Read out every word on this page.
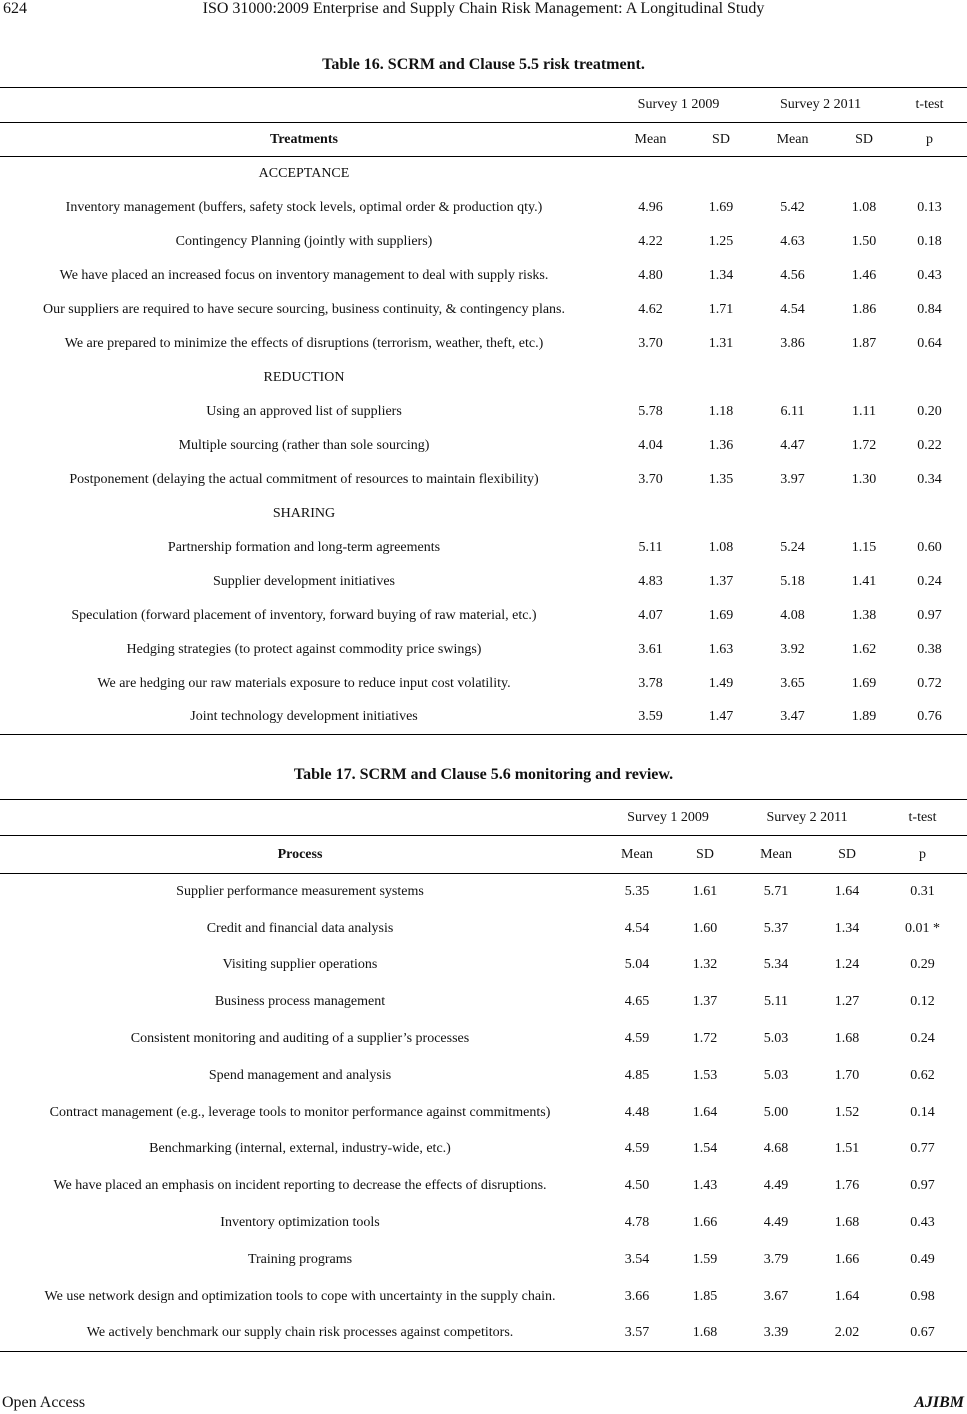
624	ISO 31000:2009 Enterprise and Supply Chain Risk Management: A Longitudinal Study
Table 16. SCRM and Clause 5.5 risk treatment.
	Survey 1 2009		Survey 2 2011		t-test
Treatments	Mean	SD	Mean	SD	p
ACCEPTANCE					
Inventory management (buffers, safety stock levels, optimal order & production qty.)	4.96	1.69	5.42	1.08	0.13
Contingency Planning (jointly with suppliers)	4.22	1.25	4.63	1.50	0.18
We have placed an increased focus on inventory management to deal with supply risks.	4.80	1.34	4.56	1.46	0.43
Our suppliers are required to have secure sourcing, business continuity, & contingency plans.	4.62	1.71	4.54	1.86	0.84
We are prepared to minimize the effects of disruptions (terrorism, weather, theft, etc.)	3.70	1.31	3.86	1.87	0.64
REDUCTION					
Using an approved list of suppliers	5.78	1.18	6.11	1.11	0.20
Multiple sourcing (rather than sole sourcing)	4.04	1.36	4.47	1.72	0.22
Postponement (delaying the actual commitment of resources to maintain flexibility)	3.70	1.35	3.97	1.30	0.34
SHARING					
Partnership formation and long-term agreements	5.11	1.08	5.24	1.15	0.60
Supplier development initiatives	4.83	1.37	5.18	1.41	0.24
Speculation (forward placement of inventory, forward buying of raw material, etc.)	4.07	1.69	4.08	1.38	0.97
Hedging strategies (to protect against commodity price swings)	3.61	1.63	3.92	1.62	0.38
We are hedging our raw materials exposure to reduce input cost volatility.	3.78	1.49	3.65	1.69	0.72
Joint technology development initiatives	3.59	1.47	3.47	1.89	0.76
Table 17. SCRM and Clause 5.6 monitoring and review.
	Survey 1 2009		Survey 2 2011		t-test
Process	Mean	SD	Mean	SD	p
Supplier performance measurement systems	5.35	1.61	5.71	1.64	0.31
Credit and financial data analysis	4.54	1.60	5.37	1.34	0.01 *
Visiting supplier operations	5.04	1.32	5.34	1.24	0.29
Business process management	4.65	1.37	5.11	1.27	0.12
Consistent monitoring and auditing of a supplier’s processes	4.59	1.72	5.03	1.68	0.24
Spend management and analysis	4.85	1.53	5.03	1.70	0.62
Contract management (e.g., leverage tools to monitor performance against commitments)	4.48	1.64	5.00	1.52	0.14
Benchmarking (internal, external, industry-wide, etc.)	4.59	1.54	4.68	1.51	0.77
We have placed an emphasis on incident reporting to decrease the effects of disruptions.	4.50	1.43	4.49	1.76	0.97
Inventory optimization tools	4.78	1.66	4.49	1.68	0.43
Training programs	3.54	1.59	3.79	1.66	0.49
We use network design and optimization tools to cope with uncertainty in the supply chain.	3.66	1.85	3.67	1.64	0.98
We actively benchmark our supply chain risk processes against competitors.	3.57	1.68	3.39	2.02	0.67
Open Access	AJIBM
